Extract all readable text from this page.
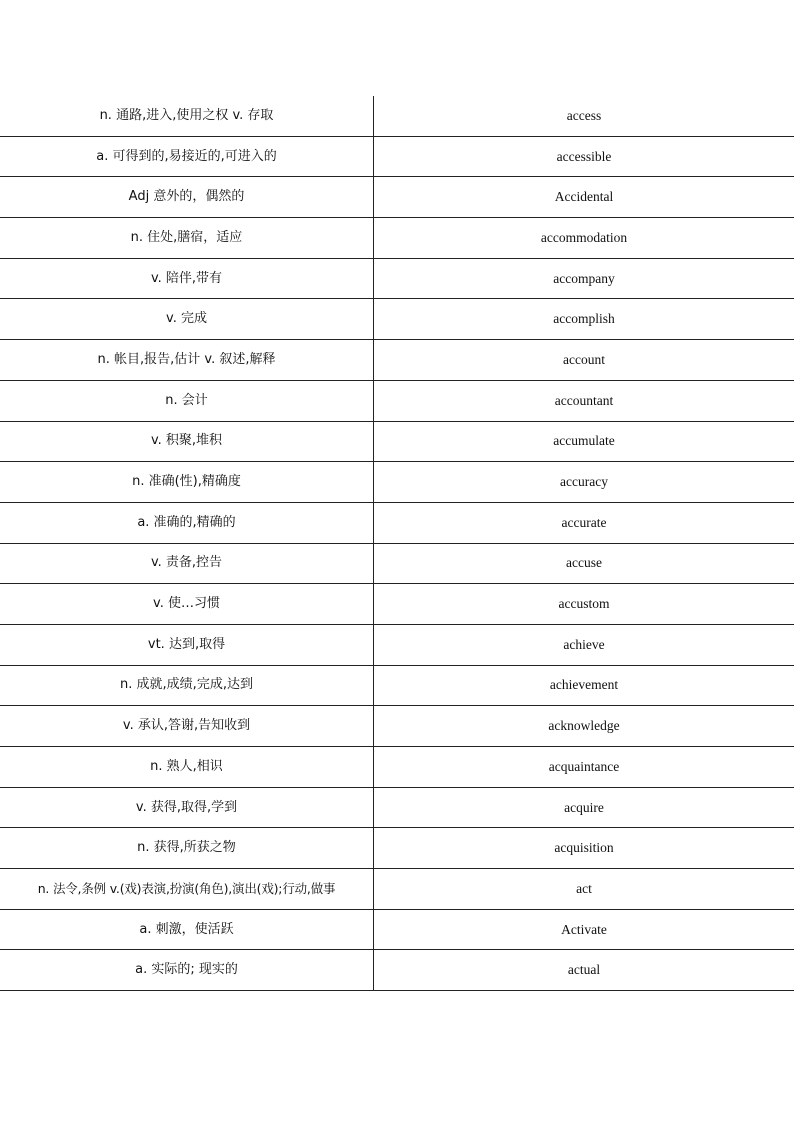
n. 通路,进入,使用之权 v. 存取	access
a. 可得到的,易接近的,可进入的	accessible
Adj 意外的，偶然的	Accidental
n. 住处,膳宿，适应	accommodation
v. 陪伴,带有	accompany
v. 完成	accomplish
n. 帐目,报告,估计 v. 叙述,解释	account
n. 会计	accountant
v. 积聚,堆积	accumulate
n. 准确(性),精确度	accuracy
a. 准确的,精确的	accurate
v. 责备,控告	accuse
v. 使…习惯	accustom
vt. 达到,取得	achieve
n. 成就,成绩,完成,达到	achievement
v. 承认,答谢,告知收到	acknowledge
n. 熟人,相识	acquaintance
v. 获得,取得,学到	acquire
n. 获得,所获之物	acquisition
n. 法令,条例 v.(戏)表演,扮演(角色),演出(戏);行动,做事	act
a. 刺激，使活跃	Activate
a. 实际的; 现实的	actual
